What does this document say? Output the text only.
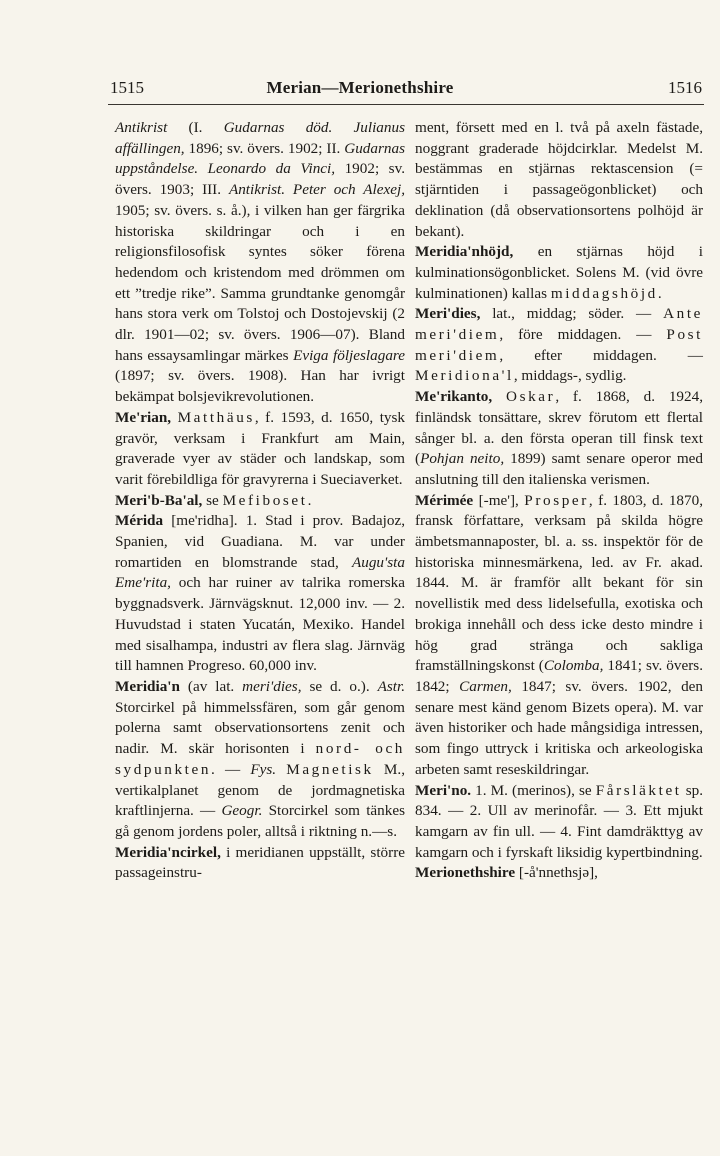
1515	Merian—Merionethshire	1516

Antikrist (I. Gudarnas död. Julianus affällingen, 1896; sv. övers. 1902; II. Gudarnas uppståndelse. Leonardo da Vinci, 1902; sv. övers. 1903; III. Antikrist. Peter och Alexej, 1905; sv. övers. s. å.), i vilken han ger färgrika historiska skildringar och i en religionsfilosofisk syntes söker förena hedendom och kristendom med drömmen om ett ”tredje rike”. Samma grundtanke genomgår hans stora verk om Tolstoj och Dostojevskij (2 dlr. 1901—02; sv. övers. 1906—07). Bland hans essaysamlingar märkes Eviga följeslagare (1897; sv. övers. 1908). Han har ivrigt bekämpat bolsjevikrevolutionen.

Me'rian, Matthäus, f. 1593, d. 1650, tysk gravör, verksam i Frankfurt am Main, graverade vyer av städer och landskap, som varit förebildliga för gravyrerna i Sueciaverket.

Meri'b-Ba'al, se Mefiboset.

Mérida [me'ridha]. 1. Stad i prov. Badajoz, Spanien, vid Guadiana. M. var under romartiden en blomstrande stad, Augu'sta Eme'rita, och har ruiner av talrika romerska byggnadsverk. Järnvägsknut. 12,000 inv. — 2. Huvudstad i staten Yucatán, Mexiko. Handel med sisalhampa, industri av flera slag. Järnväg till hamnen Progreso. 60,000 inv.

Meridia'n (av lat. meri'dies, se d. o.). Astr. Storcirkel på himmelssfären, som går genom polerna samt observationsortens zenit och nadir. M. skär horisonten i nord- och sydpunkten. — Fys. Magnetisk M., vertikalplanet genom de jordmagnetiska kraftlinjerna. — Geogr. Storcirkel som tänkes gå genom jordens poler, alltså i riktning n.—s.

Meridia'ncirkel, i meridianen uppställt, större passageinstru-

ment, försett med en l. två på axeln fästade, noggrant graderade höjdcirklar. Medelst M. bestämmas en stjärnas rektascension (= stjärntiden i passageögonblicket) och deklination (då observationsortens polhöjd är bekant).

Meridia'nhöjd, en stjärnas höjd i kulminationsögonblicket. Solens M. (vid övre kulminationen) kallas middagshöjd.

Meri'dies, lat., middag; söder. — Ante meri'diem, före middagen. — Post meri'diem, efter middagen. — Meridiona'l, middags-, sydlig.

Me'rikanto, Oskar, f. 1868, d. 1924, finländsk tonsättare, skrev förutom ett flertal sånger bl. a. den första operan till finsk text (Pohjan neito, 1899) samt senare operor med anslutning till den italienska verismen.

Mérimée [-me'], Prosper, f. 1803, d. 1870, fransk författare, verksam på skilda högre ämbetsmannaposter, bl. a. ss. inspektör för de historiska minnesmärkena, led. av Fr. akad. 1844. M. är framför allt bekant för sin novellistik med dess lidelsefulla, exotiska och brokiga innehåll och dess icke desto mindre i hög grad stränga och sakliga framställningskonst (Colomba, 1841; sv. övers. 1842; Carmen, 1847; sv. övers. 1902, den senare mest känd genom Bizets opera). M. var även historiker och hade mångsidiga intressen, som fingo uttryck i kritiska och arkeologiska arbeten samt reseskildringar.

Meri'no. 1. M. (merinos), se Fårsläktet sp. 834. — 2. Ull av merinofår. — 3. Ett mjukt kamgarn av fin ull. — 4. Fint damdräkttyg av kamgarn och i fyrskaft liksidig kypertbindning.

Merionethshire [-å'nnethsjə],
